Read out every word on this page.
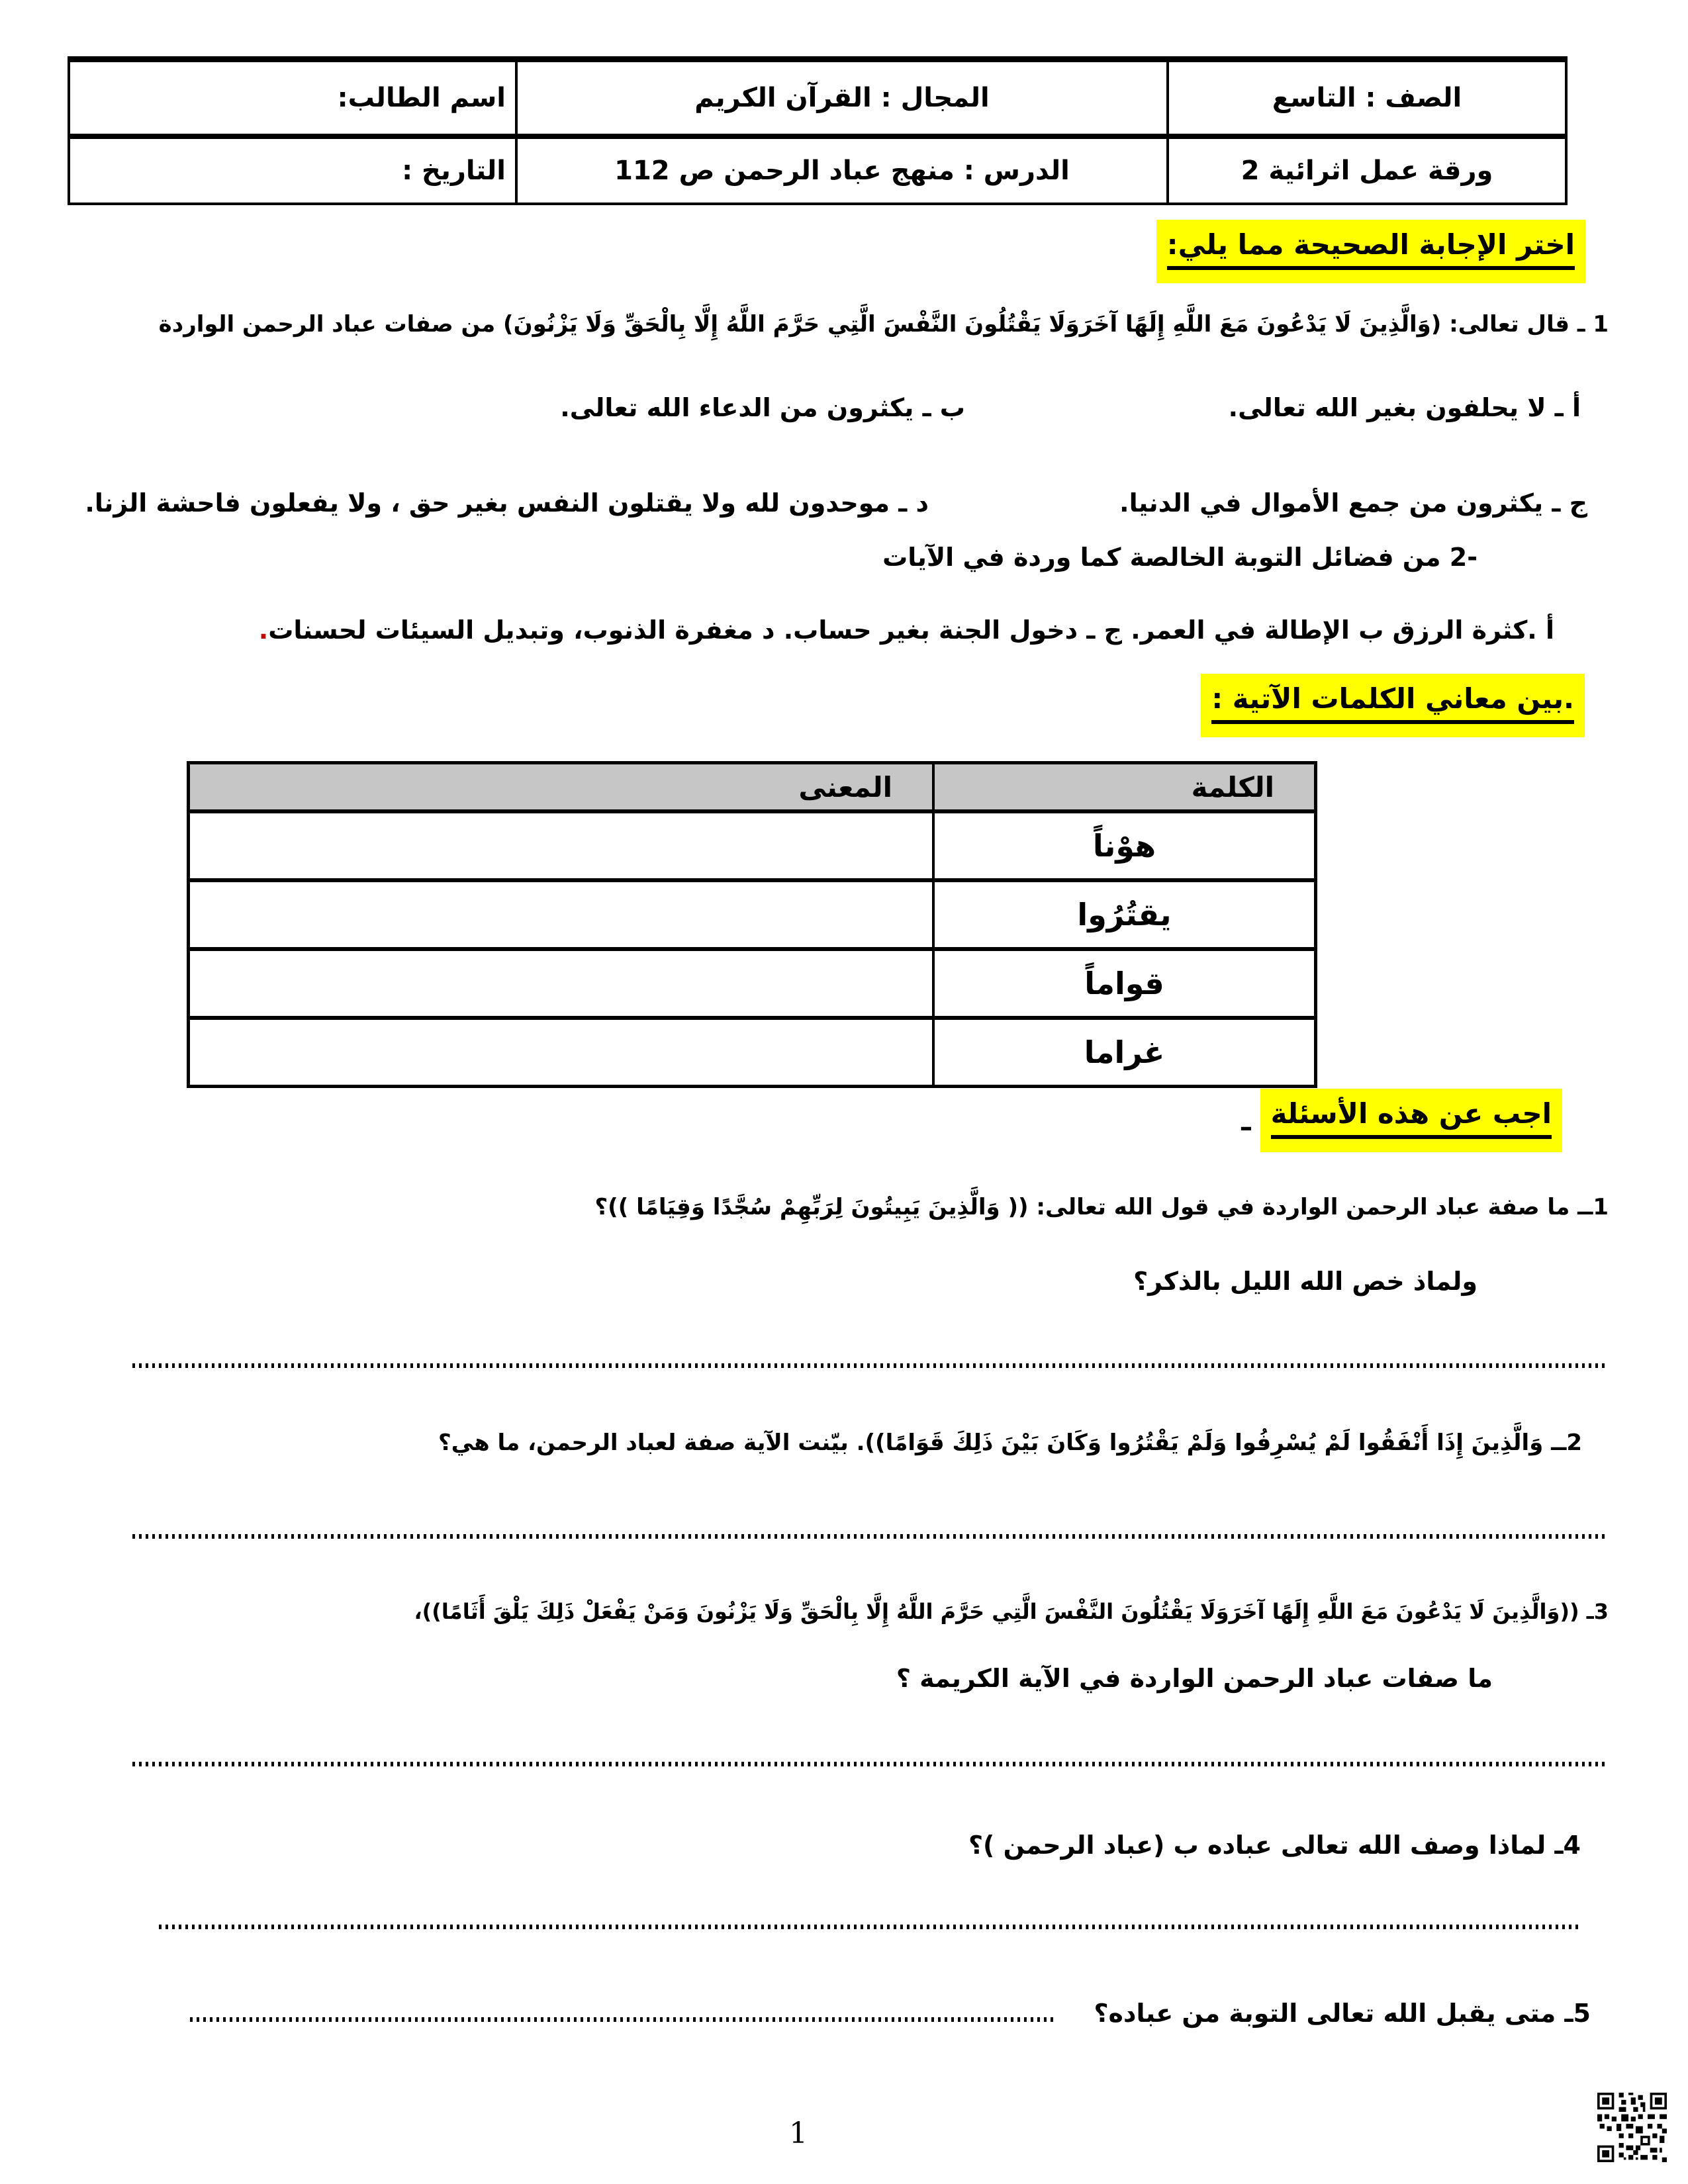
الصف : التاسع	المجال : القرآن الكريم	اسم الطالب:

ورقة عمل اثرائية 2	الدرس : منهج عباد الرحمن ص 112	التاريخ :
اختر الإجابة الصحيحة مما يلي:
1 ـ قال تعالى: (وَالَّذِينَ لَا يَدْعُونَ مَعَ اللَّهِ إِلَهًا آخَرَوَلَا يَقْتُلُونَ النَّفْسَ الَّتِي حَرَّمَ اللَّهُ إِلَّا بِالْحَقِّ وَلَا يَزْنُونَ) من صفات عباد الرحمن الواردة
أ ـ لا يحلفون بغير الله تعالى.
ب ـ يكثرون من الدعاء الله تعالى.
ج ـ يكثرون من جمع الأموال في الدنيا.
د ـ موحدون لله ولا يقتلون النفس بغير حق ، ولا يفعلون فاحشة الزنا.
-2 من فضائل التوبة الخالصة كما وردة في الآيات
أ .كثرة الرزق ب الإطالة في العمر. ج ـ دخول الجنة بغير حساب. د مغفرة الذنوب، وتبديل السيئات لحسنات.
.بين معاني الكلمات الآتية :
الكلمة	المعنى
هوْناً	
يقتُرُوا	
قواماً	
غراما	
اجب عن هذه الأسئلة
ـ
1ــ ما صفة عباد الرحمن الواردة في قول الله تعالى: (( وَالَّذِينَ يَبِيتُونَ لِرَبِّهِمْ سُجَّدًا وَقِيَامًا ))؟
ولماذ خص الله الليل بالذكر؟
2ــ وَالَّذِينَ إِذَا أَنْفَقُوا لَمْ يُسْرِفُوا وَلَمْ يَقْتُرُوا وَكَانَ بَيْنَ ذَلِكَ قَوَامًا)). بيّنت الآية صفة لعباد الرحمن، ما هي؟
3ـ ((وَالَّذِينَ لَا يَدْعُونَ مَعَ اللَّهِ إِلَهًا آخَرَوَلَا يَقْتُلُونَ النَّفْسَ الَّتِي حَرَّمَ اللَّهُ إِلَّا بِالْحَقِّ وَلَا يَزْنُونَ وَمَنْ يَفْعَلْ ذَلِكَ يَلْقَ أَثَامًا))،
ما صفات عباد الرحمن الواردة في الآية الكريمة ؟
4ـ لماذا وصف الله تعالى عباده ب (عباد الرحمن )؟
5ـ متى يقبل الله تعالى التوبة من عباده؟
1
